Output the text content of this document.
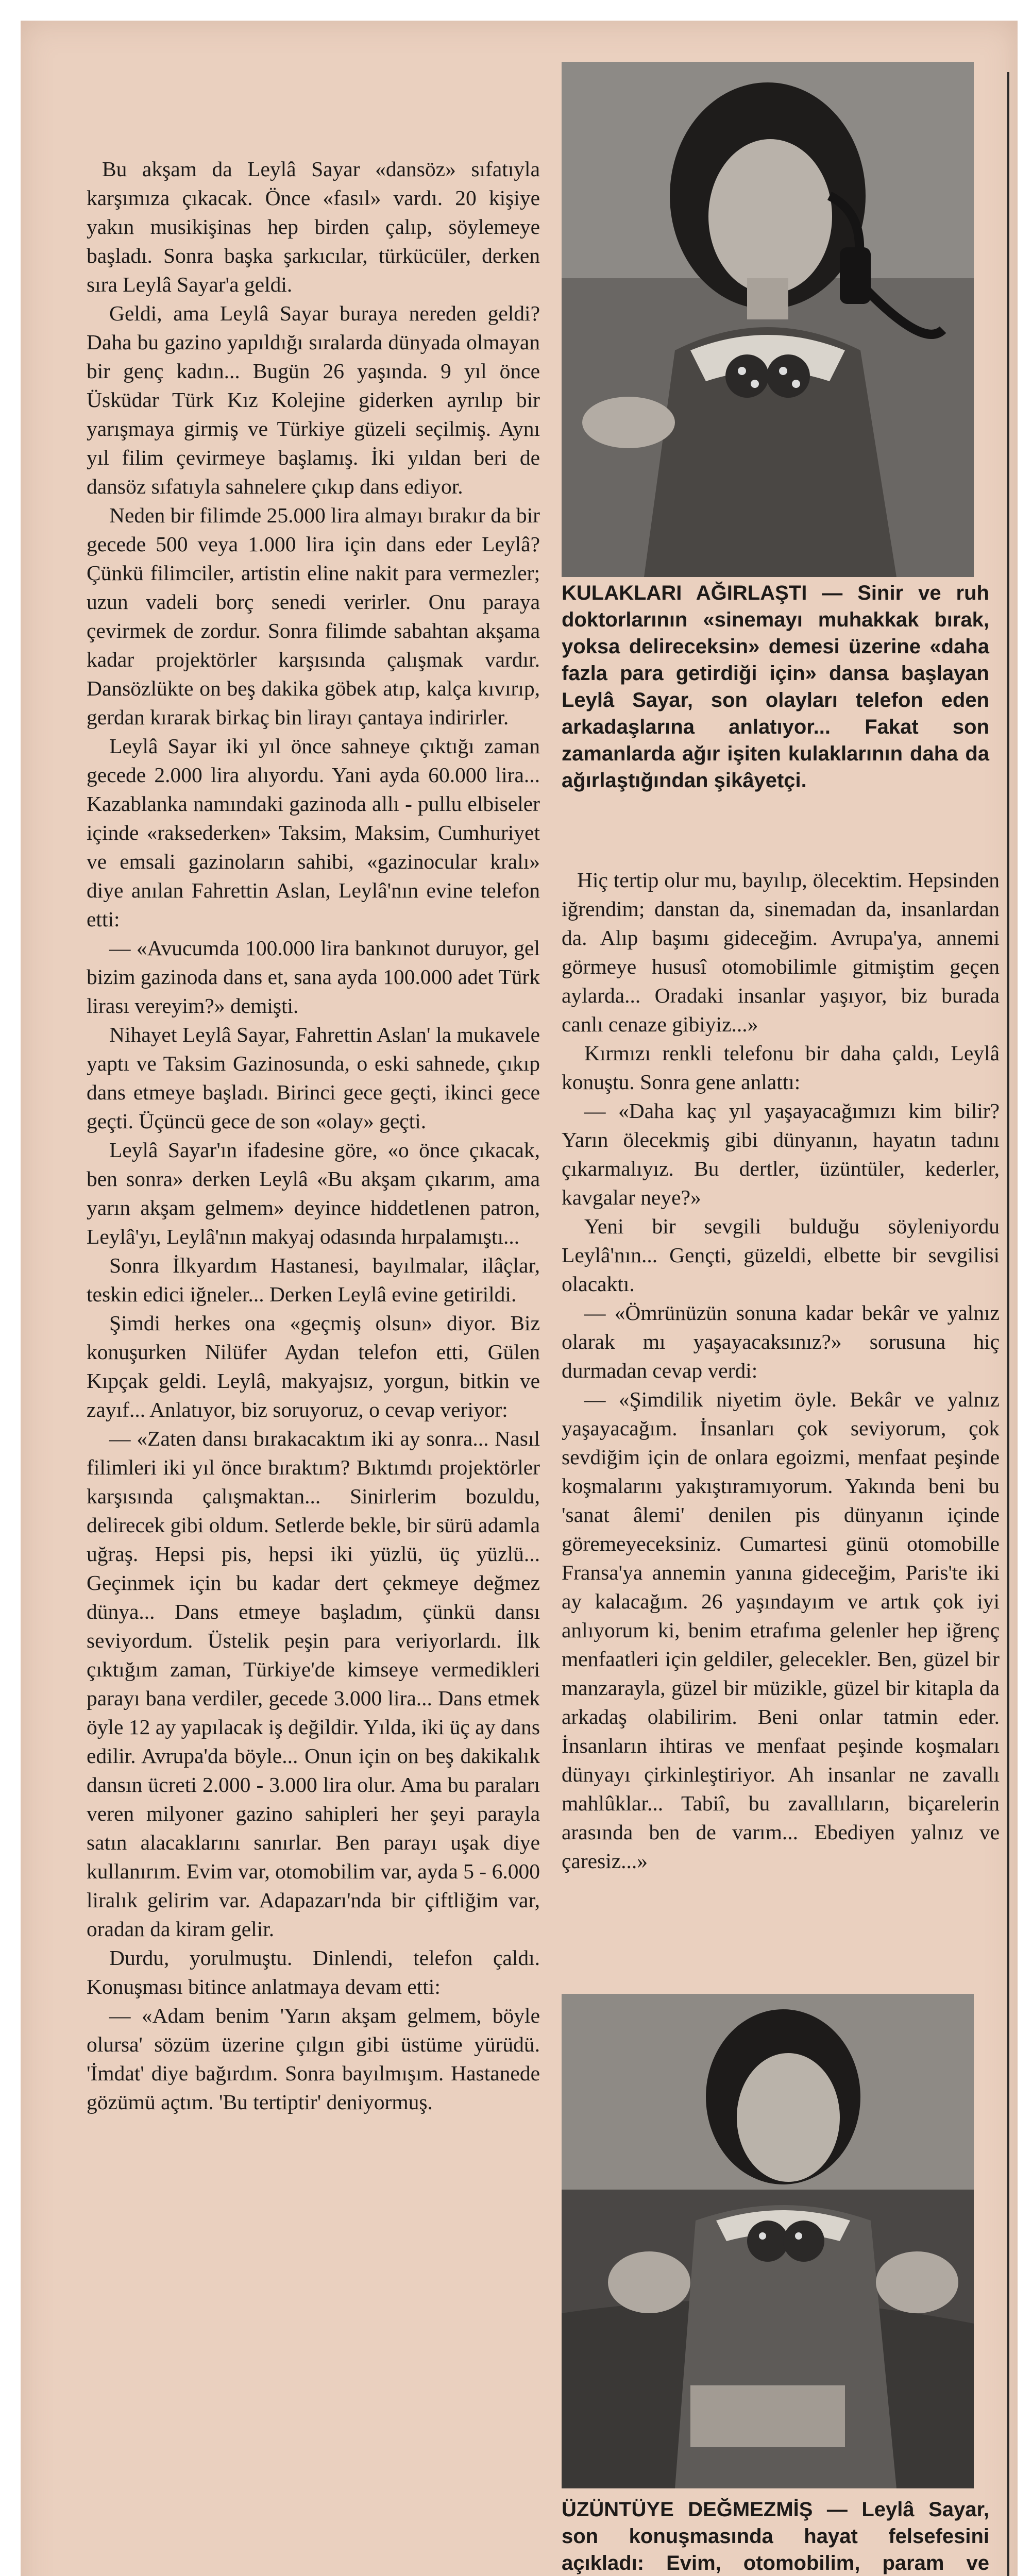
Bu akşam da Leylâ Sayar «dansöz» sıfatıyla karşımıza çıkacak. Önce «fasıl» vardı. 20 kişiye yakın musikişinas hep birden çalıp, söylemeye başladı. Sonra başka şarkıcılar, türkücüler, derken sıra Leylâ Sayar'a geldi.

Geldi, ama Leylâ Sayar buraya nereden geldi? Daha bu gazino yapıldığı sıralarda dünyada olmayan bir genç kadın... Bugün 26 yaşında. 9 yıl önce Üsküdar Türk Kız Kolejine giderken ayrılıp bir yarışmaya girmiş ve Türkiye güzeli seçilmiş. Aynı yıl filim çevirmeye başlamış. İki yıldan beri de dansöz sıfatıyla sahnelere çıkıp dans ediyor.

Neden bir filimde 25.000 lira almayı bırakır da bir gecede 500 veya 1.000 lira için dans eder Leylâ? Çünkü filimciler, artistin eline nakit para vermezler; uzun vadeli borç senedi verirler. Onu paraya çevirmek de zordur. Sonra filimde sabahtan akşama kadar projektörler karşısında çalışmak vardır. Dansözlükte on beş dakika göbek atıp, kalça kıvırıp, gerdan kırarak birkaç bin lirayı çantaya indirirler.

Leylâ Sayar iki yıl önce sahneye çıktığı zaman gecede 2.000 lira alıyordu. Yani ayda 60.000 lira... Kazablanka namındaki gazinoda allı - pullu elbiseler içinde «raksederken» Taksim, Maksim, Cumhuriyet ve emsali gazinoların sahibi, «gazinocular kralı» diye anılan Fahrettin Aslan, Leylâ'nın evine telefon etti:

— «Avucumda 100.000 lira bankınot duruyor, gel bizim gazinoda dans et, sana ayda 100.000 adet Türk lirası vereyim?» demişti.

Nihayet Leylâ Sayar, Fahrettin Aslan' la mukavele yaptı ve Taksim Gazinosunda, o eski sahnede, çıkıp dans etmeye başladı. Birinci gece geçti, ikinci gece geçti. Üçüncü gece de son «olay» geçti.

Leylâ Sayar'ın ifadesine göre, «o önce çıkacak, ben sonra» derken Leylâ «Bu akşam çıkarım, ama yarın akşam gelmem» deyince hiddetlenen patron, Leylâ'yı, Leylâ'nın makyaj odasında hırpalamıştı...

Sonra İlkyardım Hastanesi, bayılmalar, ilâçlar, teskin edici iğneler... Derken Leylâ evine getirildi.

Şimdi herkes ona «geçmiş olsun» diyor. Biz konuşurken Nilüfer Aydan telefon etti, Gülen Kıpçak geldi. Leylâ, makyajsız, yorgun, bitkin ve zayıf... Anlatıyor, biz soruyoruz, o cevap veriyor:

— «Zaten dansı bırakacaktım iki ay sonra... Nasıl filimleri iki yıl önce bıraktım? Bıktımdı projektörler karşısında çalışmaktan... Sinirlerim bozuldu, delirecek gibi oldum. Setlerde bekle, bir sürü adamla uğraş. Hepsi pis, hepsi iki yüzlü, üç yüzlü... Geçinmek için bu kadar dert çekmeye değmez dünya... Dans etmeye başladım, çünkü dansı seviyordum. Üstelik peşin para veriyorlardı. İlk çıktığım zaman, Türkiye'de kimseye vermedikleri parayı bana verdiler, gecede 3.000 lira... Dans etmek öyle 12 ay yapılacak iş değildir. Yılda, iki üç ay dans edilir. Avrupa'da böyle... Onun için on beş dakikalık dansın ücreti 2.000 - 3.000 lira olur. Ama bu paraları veren milyoner gazino sahipleri her şeyi parayla satın alacaklarını sanırlar. Ben parayı uşak diye kullanırım. Evim var, otomobilim var, ayda 5 - 6.000 liralık gelirim var. Adapazarı'nda bir çiftliğim var, oradan da kiram gelir.

Durdu, yorulmuştu. Dinlendi, telefon çaldı. Konuşması bitince anlatmaya devam etti:

— «Adam benim 'Yarın akşam gelmem, böyle olursa' sözüm üzerine çılgın gibi üstüme yürüdü. 'İmdat' diye bağırdım. Sonra bayılmışım. Hastanede gözümü açtım. 'Bu tertiptir' deniyormuş.

KULAKLARI AĞIRLAŞTI — Sinir ve ruh doktorlarının «sinemayı muhakkak bırak, yoksa delireceksin» demesi üzerine «daha fazla para getirdiği için» dansa başlayan Leylâ Sayar, son olayları telefon eden arkadaşlarına anlatıyor... Fakat son zamanlarda ağır işiten kulaklarının daha da ağırlaştığından şikâyetçi.

Hiç tertip olur mu, bayılıp, ölecektim. Hepsinden iğrendim; danstan da, sinemadan da, insanlardan da. Alıp başımı gideceğim. Avrupa'ya, annemi görmeye hususî otomobilimle gitmiştim geçen aylarda... Oradaki insanlar yaşıyor, biz burada canlı cenaze gibiyiz...»

Kırmızı renkli telefonu bir daha çaldı, Leylâ konuştu. Sonra gene anlattı:

— «Daha kaç yıl yaşayacağımızı kim bilir? Yarın ölecekmiş gibi dünyanın, hayatın tadını çıkarmalıyız. Bu dertler, üzüntüler, kederler, kavgalar neye?»

Yeni bir sevgili bulduğu söyleniyordu Leylâ'nın... Gençti, güzeldi, elbette bir sevgilisi olacaktı.

— «Ömrünüzün sonuna kadar bekâr ve yalnız olarak mı yaşayacaksınız?» sorusuna hiç durmadan cevap verdi:

— «Şimdilik niyetim öyle. Bekâr ve yalnız yaşayacağım. İnsanları çok seviyorum, çok sevdiğim için de onlara egoizmi, menfaat peşinde koşmalarını yakıştıramıyorum. Yakında beni bu 'sanat âlemi' denilen pis dünyanın içinde göremeyeceksiniz. Cumartesi günü otomobille Fransa'ya annemin yanına gideceğim, Paris'te iki ay kalacağım. 26 yaşındayım ve artık çok iyi anlıyorum ki, benim etrafıma gelenler hep iğrenç menfaatleri için geldiler, gelecekler. Ben, güzel bir manzarayla, güzel bir müzikle, güzel bir kitapla da arkadaş olabilirim. Beni onlar tatmin eder. İnsanların ihtiras ve menfaat peşinde koşmaları dünyayı çirkinleştiriyor. Ah insanlar ne zavallı mahlûklar... Tabiî, bu zavallıların, biçarelerin arasında ben de varım... Ebediyen yalnız ve çaresiz...»

ÜZÜNTÜYE DEĞMEZMİŞ — Leylâ Sayar, son konuşmasında hayat felsefesini açıkladı: Evim, otomobilim, param ve
